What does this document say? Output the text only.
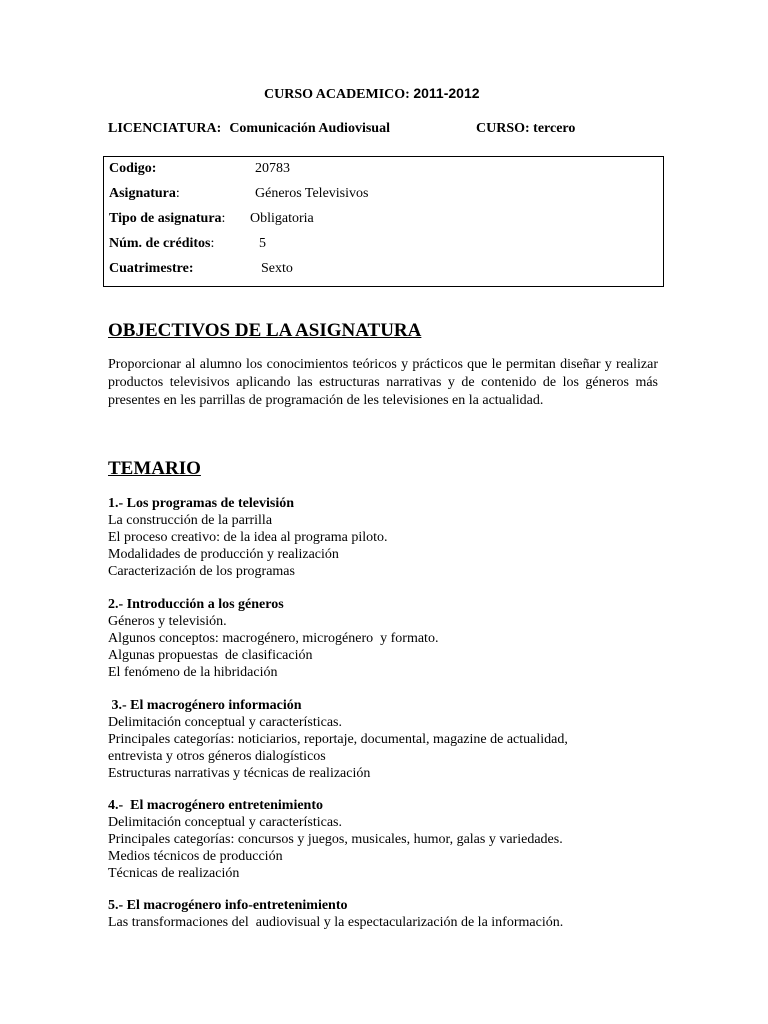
CURSO ACADEMICO: 2011-2012
LICENCIATURA: Comunicación Audiovisual	CURSO: tercero
Codigo:	20783
Asignatura:	Géneros Televisivos
Tipo de asignatura: Obligatoria
Núm. de créditos:	5
Cuatrimestre:	Sexto
OBJECTIVOS DE LA ASIGNATURA
Proporcionar al alumno los conocimientos teóricos y prácticos que le permitan diseñar y realizar productos televisivos aplicando las estructuras narrativas y de contenido de los géneros más presentes en les parrillas de programación de les televisiones en la actualidad.
TEMARIO
1.- Los programas de televisión
La construcción de la parrilla
El proceso creativo: de la idea al programa piloto.
Modalidades de producción y realización
Caracterización de los programas
2.- Introducción a los géneros
Géneros y televisión.
Algunos conceptos: macrogénero, microgénero  y formato.
Algunas propuestas  de clasificación
El fenómeno de la hibridación
3.- El macrogénero información
Delimitación conceptual y características.
Principales categorías: noticiarios, reportaje, documental, magazine de actualidad,
entrevista y otros géneros dialogísticos
Estructuras narrativas y técnicas de realización
4.-  El macrogénero entretenimiento
Delimitación conceptual y características.
Principales categorías: concursos y juegos, musicales, humor, galas y variedades.
Medios técnicos de producción
Técnicas de realización
5.- El macrogénero info-entretenimiento
Las transformaciones del  audiovisual y la espectacularización de la información.
